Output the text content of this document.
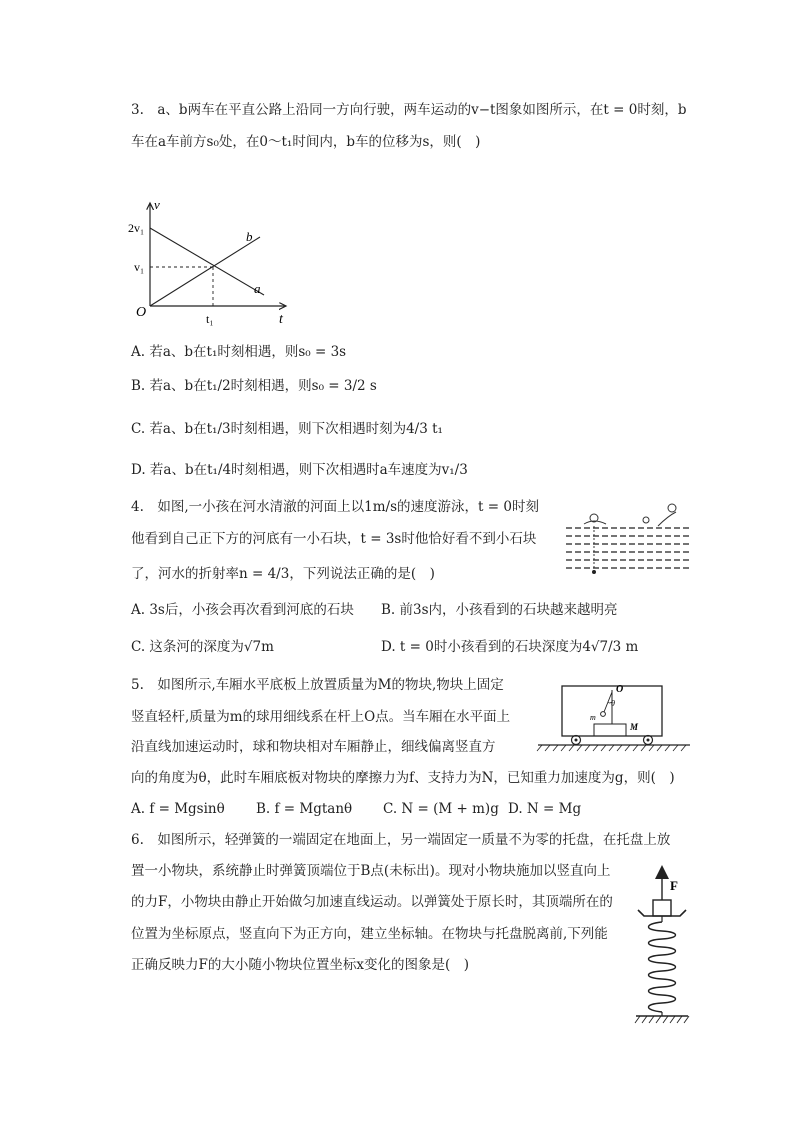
3.　a、b两车在平直公路上沿同一方向行驶，两车运动的v−t图象如图所示，在t = 0时刻，b
车在a车前方s₀处，在0～t₁时间内，b车的位移为s，则(　)
v
2v₁
v₁
O	t₁	t
a
b
A. 若a、b在t₁时刻相遇，则s₀ = 3s
B. 若a、b在t₁/2时刻相遇，则s₀ = 3/2 s
C. 若a、b在t₁/3时刻相遇，则下次相遇时刻为4/3 t₁
D. 若a、b在t₁/4时刻相遇，则下次相遇时a车速度为v₁/3
4.　如图,一小孩在河水清澈的河面上以1m/s的速度游泳，t = 0时刻
他看到自己正下方的河底有一小石块，t = 3s时他恰好看不到小石块
了，河水的折射率n = 4/3，下列说法正确的是(　)
A. 3s后，小孩会再次看到河底的石块 B. 前3s内，小孩看到的石块越来越明亮
C. 这条河的深度为√7m	D. t = 0时小孩看到的石块深度为4√7/3 m
5.　如图所示,车厢水平底板上放置质量为M的物块,物块上固定
竖直轻杆,质量为m的球用细线系在杆上O点。当车厢在水平面上
沿直线加速运动时，球和物块相对车厢静止，细线偏离竖直方
O
θ
m
M
向的角度为θ，此时车厢底板对物块的摩擦力为f、支持力为N，已知重力加速度为g，则(　)
A. f = Mgsinθ B. f = Mgtanθ C. N = (M + m)g D. N = Mg
6.　如图所示，轻弹簧的一端固定在地面上，另一端固定一质量不为零的托盘，在托盘上放
置一小物块，系统静止时弹簧顶端位于B点(未标出)。现对小物块施加以竖直向上
的力F，小物块由静止开始做匀加速直线运动。以弹簧处于原长时，其顶端所在的
位置为坐标原点，竖直向下为正方向，建立坐标轴。在物块与托盘脱离前,下列能
正确反映力F的大小随小物块位置坐标x变化的图象是(　)
F
